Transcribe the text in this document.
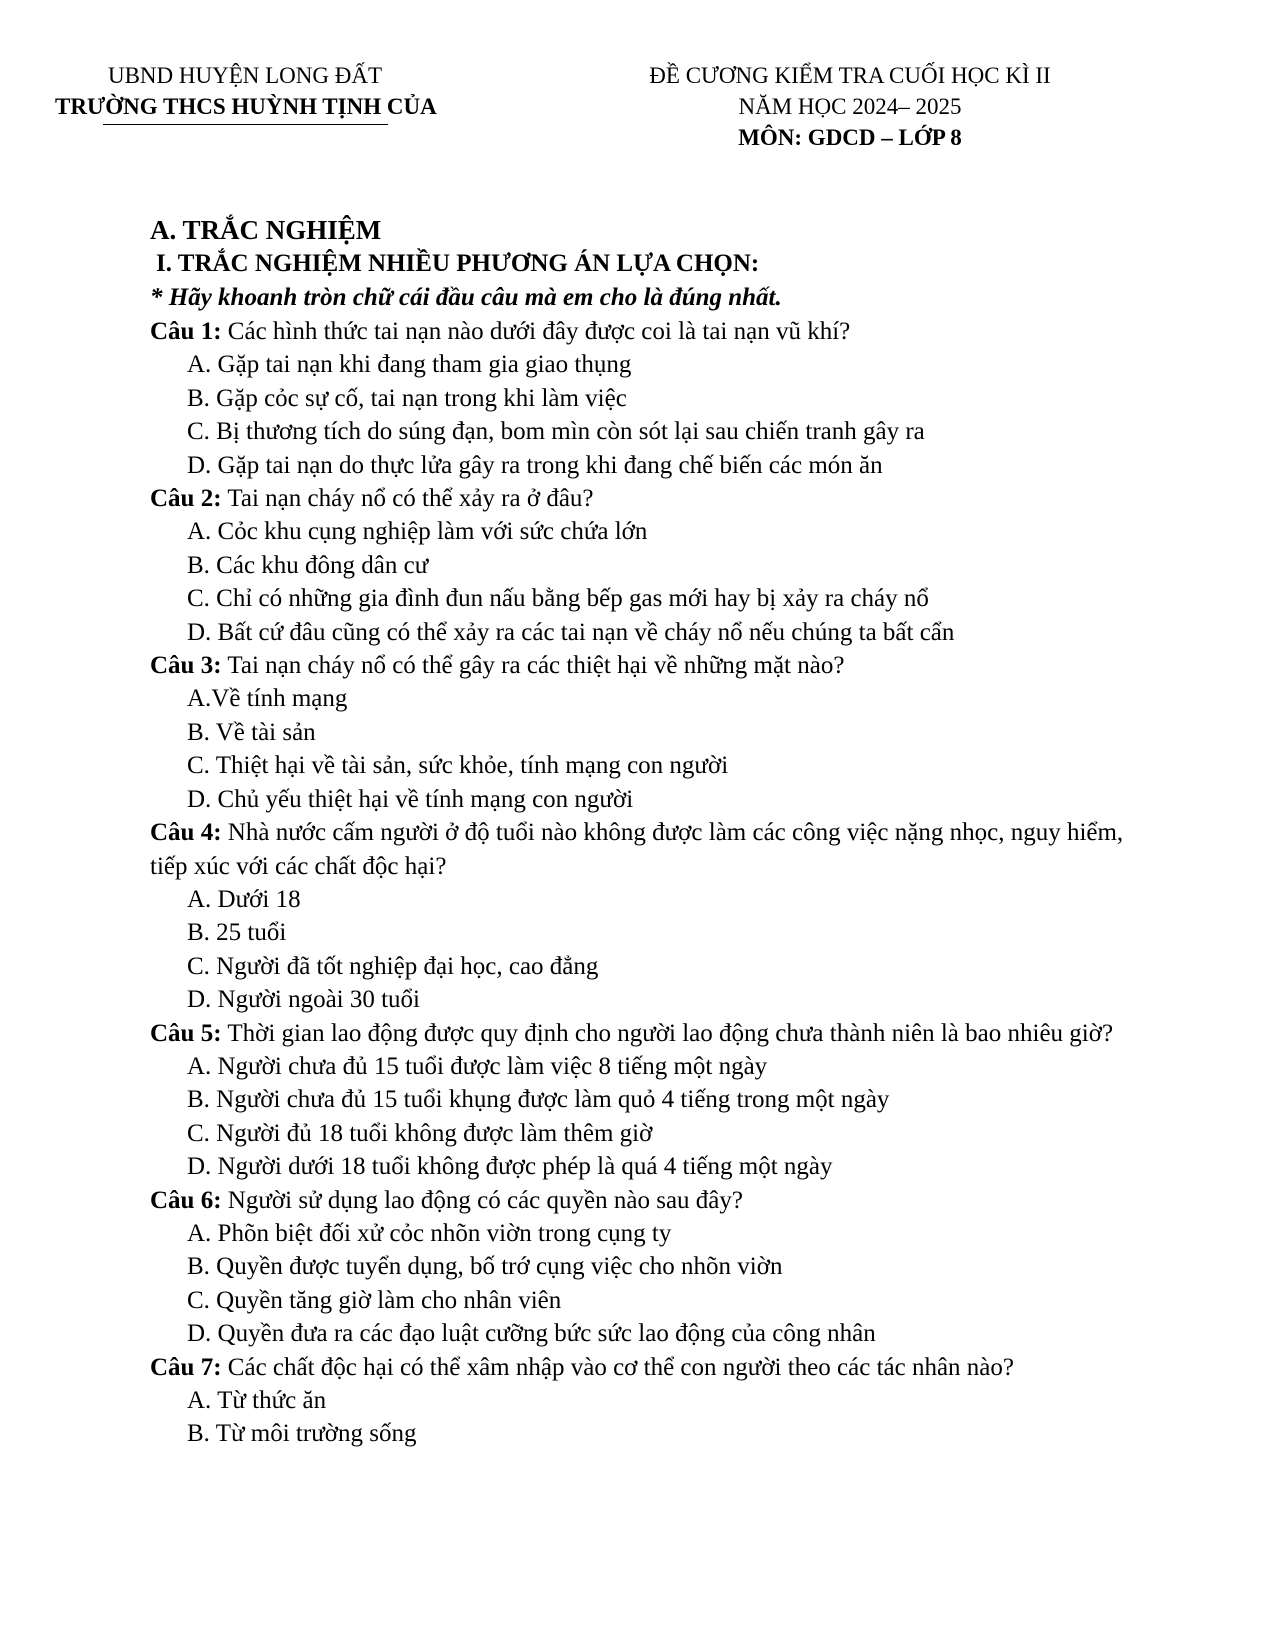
UBND HUYỆN LONG ĐẤT
TRƯỜNG THCS HUỲNH TỊNH CỦA
ĐỀ CƯƠNG KIỂM TRA CUỐI HỌC KÌ II
NĂM HỌC 2024– 2025
MÔN: GDCD – LỚP 8
A. TRẮC NGHIỆM
I. TRẮC NGHIỆM NHIỀU PHƯƠNG ÁN LỰA CHỌN:
* Hãy khoanh tròn chữ cái đầu câu mà em cho là đúng nhất.
Câu 1: Các hình thức tai nạn nào dưới đây được coi là tai nạn vũ khí?
A. Gặp tai nạn khi đang tham gia giao thụng
B. Gặp cỏc sự cố, tai nạn trong khi làm việc
C. Bị thương tích do súng đạn, bom mìn còn sót lại sau chiến tranh gây ra
D. Gặp tai nạn do thực lửa gây ra trong khi đang chế biến các món ăn
Câu 2: Tai nạn cháy nổ có thể xảy ra ở đâu?
A. Cỏc khu cụng nghiệp làm với sức chứa lớn
B. Các khu đông dân cư
C. Chỉ có những gia đình đun nấu bằng bếp gas mới hay bị xảy ra cháy nổ
D. Bất cứ đâu cũng có thể xảy ra các tai nạn về cháy nổ nếu chúng ta bất cẩn
Câu 3: Tai nạn cháy nổ có thể gây ra các thiệt hại về những mặt nào?
A.Về tính mạng
B. Về tài sản
C. Thiệt hại về tài sản, sức khỏe, tính mạng con người
D. Chủ yếu thiệt hại về tính mạng con người
Câu 4: Nhà nước cấm người ở độ tuổi nào không được làm các công việc nặng nhọc, nguy hiểm, tiếp xúc với các chất độc hại?
A. Dưới 18
B. 25 tuổi
C. Người đã tốt nghiệp đại học, cao đẳng
D. Người ngoài 30 tuổi
Câu 5: Thời gian lao động được quy định cho người lao động chưa thành niên là bao nhiêu giờ?
A. Người chưa đủ 15 tuổi được làm việc 8 tiếng một ngày
B. Người chưa đủ 15 tuổi khụng được làm quỏ 4 tiếng trong một ngày
C. Người đủ 18 tuổi không được làm thêm giờ
D. Người dưới 18 tuổi không được phép là quá 4 tiếng một ngày
Câu 6: Người sử dụng lao động có các quyền nào sau đây?
A. Phõn biệt đối xử cỏc nhõn viờn trong cụng ty
B. Quyền được tuyển dụng, bố trớ cụng việc cho nhõn viờn
C. Quyền tăng giờ làm cho nhân viên
D. Quyền đưa ra các đạo luật cưỡng bức sức lao động của công nhân
Câu 7: Các chất độc hại có thể xâm nhập vào cơ thể con người theo các tác nhân nào?
A. Từ thức ăn
B. Từ môi trường sống
